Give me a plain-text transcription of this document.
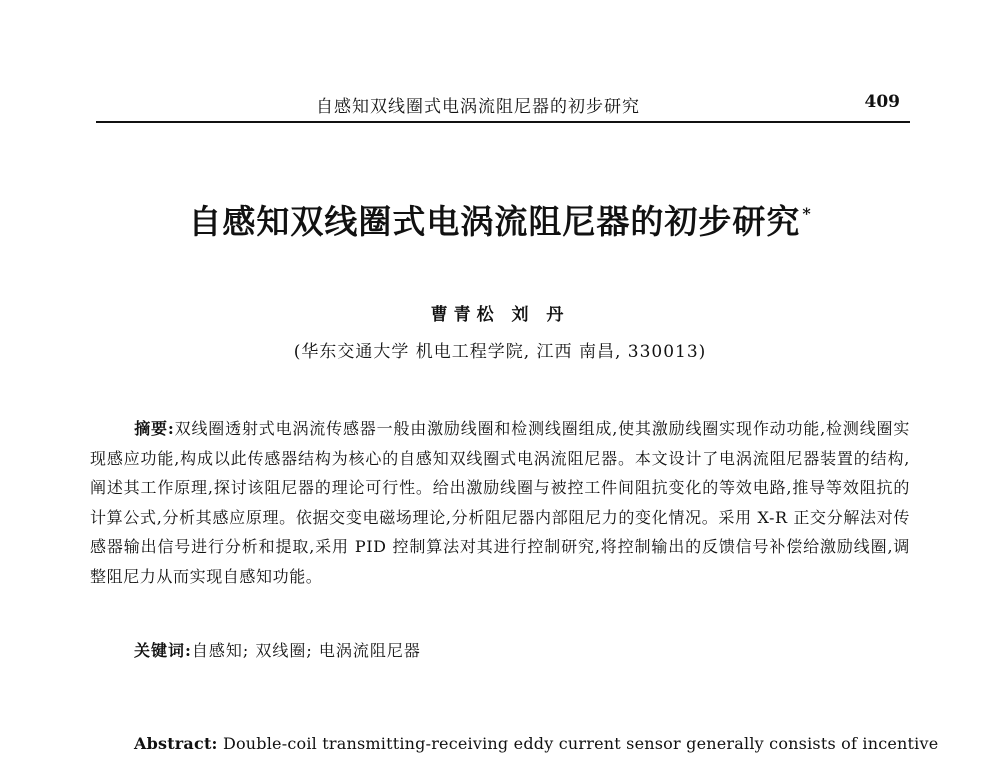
自感知双线圈式电涡流阻尼器的初步研究	409
自感知双线圈式电涡流阻尼器的初步研究 *
曹青松 刘 丹
(华东交通大学 机电工程学院, 江西 南昌, 330013)
摘要:双线圈透射式电涡流传感器一般由激励线圈和检测线圈组成,使其激励线圈实现作动功能,检测线圈实现感应功能,构成以此传感器结构为核心的自感知双线圈式电涡流阻尼器。本文设计了电涡流阻尼器装置的结构,阐述其工作原理,探讨该阻尼器的理论可行性。给出激励线圈与被控工件间阻抗变化的等效电路,推导等效阻抗的计算公式,分析其感应原理。依据交变电磁场理论,分析阻尼器内部阻尼力的变化情况。采用 X-R 正交分解法对传感器输出信号进行分析和提取,采用 PID 控制算法对其进行控制研究,将控制输出的反馈信号补偿给激励线圈,调整阻尼力从而实现自感知功能。
关键词:自感知; 双线圈; 电涡流阻尼器
Abstract: Double-coil transmitting-receiving eddy current sensor generally consists of incentive
